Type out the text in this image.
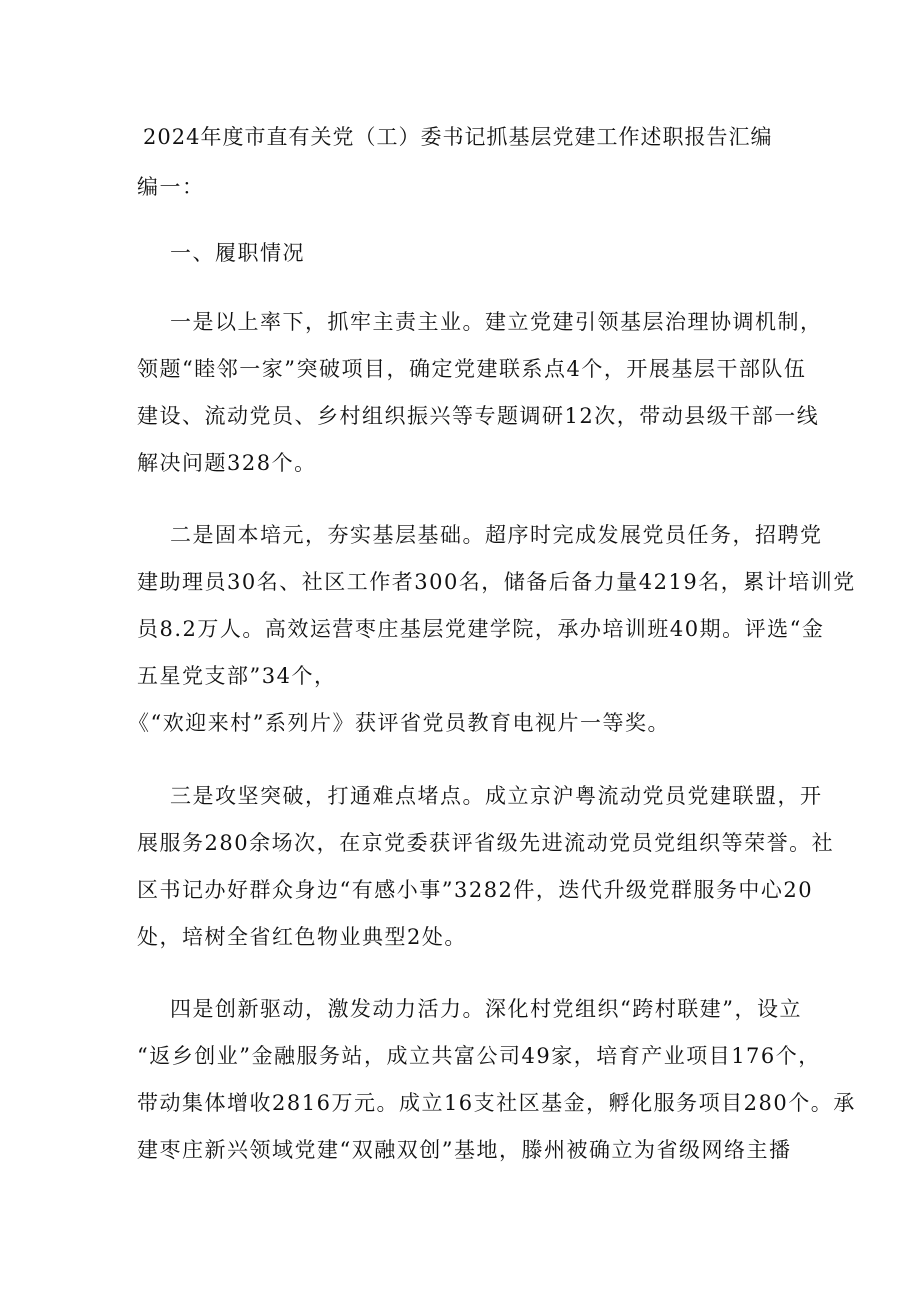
2024年度市直有关党（工）委书记抓基层党建工作述职报告汇编
编一：
一、履职情况
一是以上率下，抓牢主责主业。建立党建引领基层治理协调机制，
领题“睦邻一家”突破项目，确定党建联系点4个，开展基层干部队伍
建设、流动党员、乡村组织振兴等专题调研12次，带动县级干部一线
解决问题328个。
二是固本培元，夯实基层基础。超序时完成发展党员任务，招聘党
建助理员30名、社区工作者300名，储备后备力量4219名，累计培训党
员8.2万人。高效运营枣庄基层党建学院，承办培训班40期。评选“金
五星党支部”34个，
《“欢迎来村”系列片》获评省党员教育电视片一等奖。
三是攻坚突破，打通难点堵点。成立京沪粤流动党员党建联盟，开
展服务280余场次，在京党委获评省级先进流动党员党组织等荣誉。社
区书记办好群众身边“有感小事”3282件，迭代升级党群服务中心20
处，培树全省红色物业典型2处。
四是创新驱动，激发动力活力。深化村党组织“跨村联建”，设立
“返乡创业”金融服务站，成立共富公司49家，培育产业项目176个，
带动集体增收2816万元。成立16支社区基金，孵化服务项目280个。承
建枣庄新兴领域党建“双融双创”基地，滕州被确立为省级网络主播
